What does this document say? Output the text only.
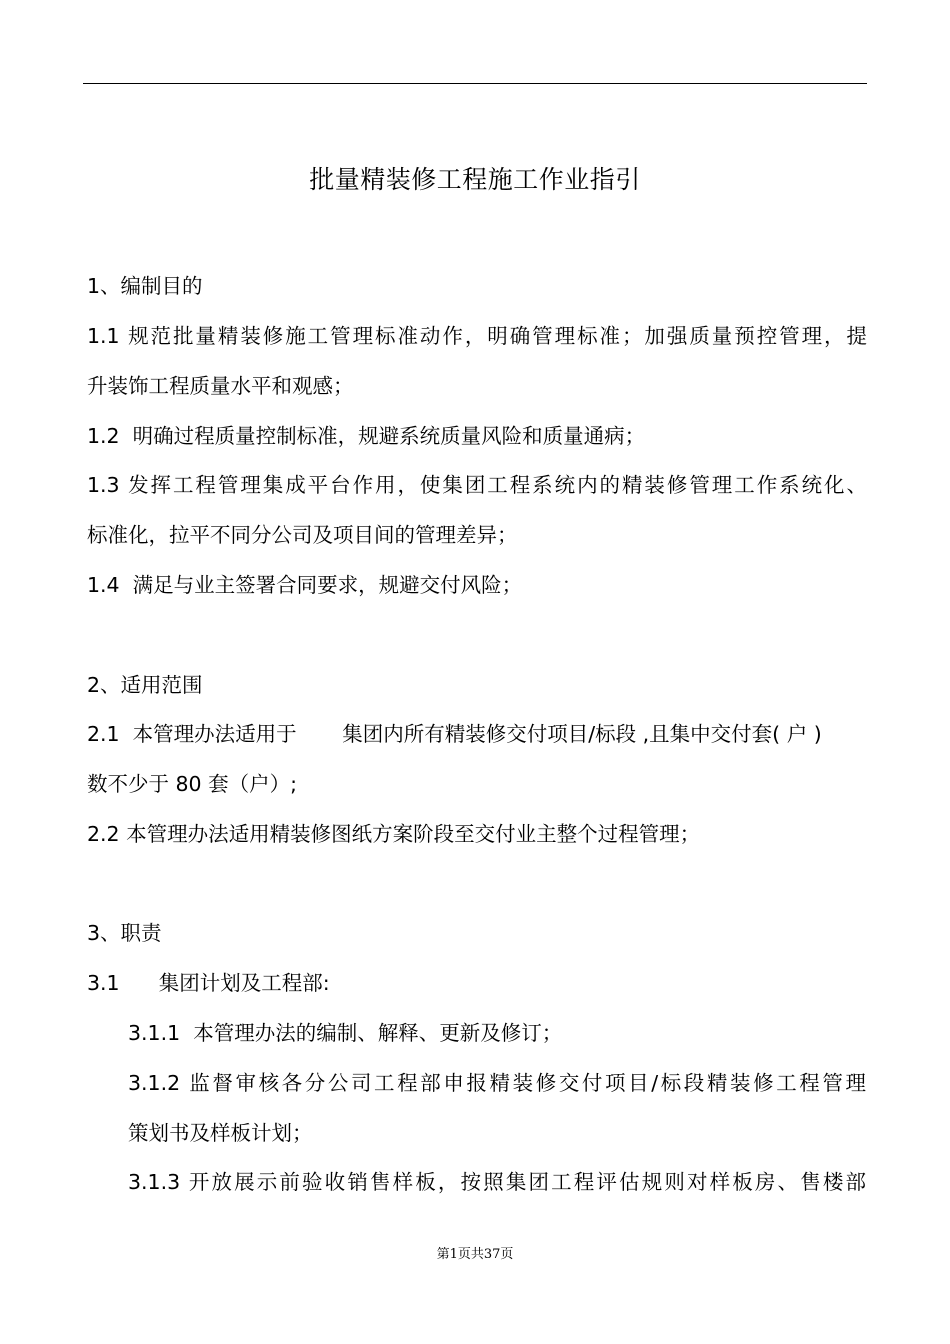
批量精装修工程施工作业指引
1、编制目的
1.1 规范批量精装修施工管理标准动作，明确管理标准；加强质量预控管理，提
升装饰工程质量水平和观感；
1.2  明确过程质量控制标准，规避系统质量风险和质量通病；
1.3 发挥工程管理集成平台作用，使集团工程系统内的精装修管理工作系统化、
标准化，拉平不同分公司及项目间的管理差异；
1.4  满足与业主签署合同要求，规避交付风险；
2、适用范围
2.1  本管理办法适用于       集团内所有精装修交付项目/标段 ,且集中交付套( 户 )
数不少于 80 套（户）;
2.2 本管理办法适用精装修图纸方案阶段至交付业主整个过程管理；
3、职责
3.1      集团计划及工程部:
3.1.1  本管理办法的编制、解释、更新及修订；
3.1.2 监督审核各分公司工程部申报精装修交付项目/标段精装修工程管理
策划书及样板计划；
3.1.3 开放展示前验收销售样板，按照集团工程评估规则对样板房、售楼部
第1页共37页
